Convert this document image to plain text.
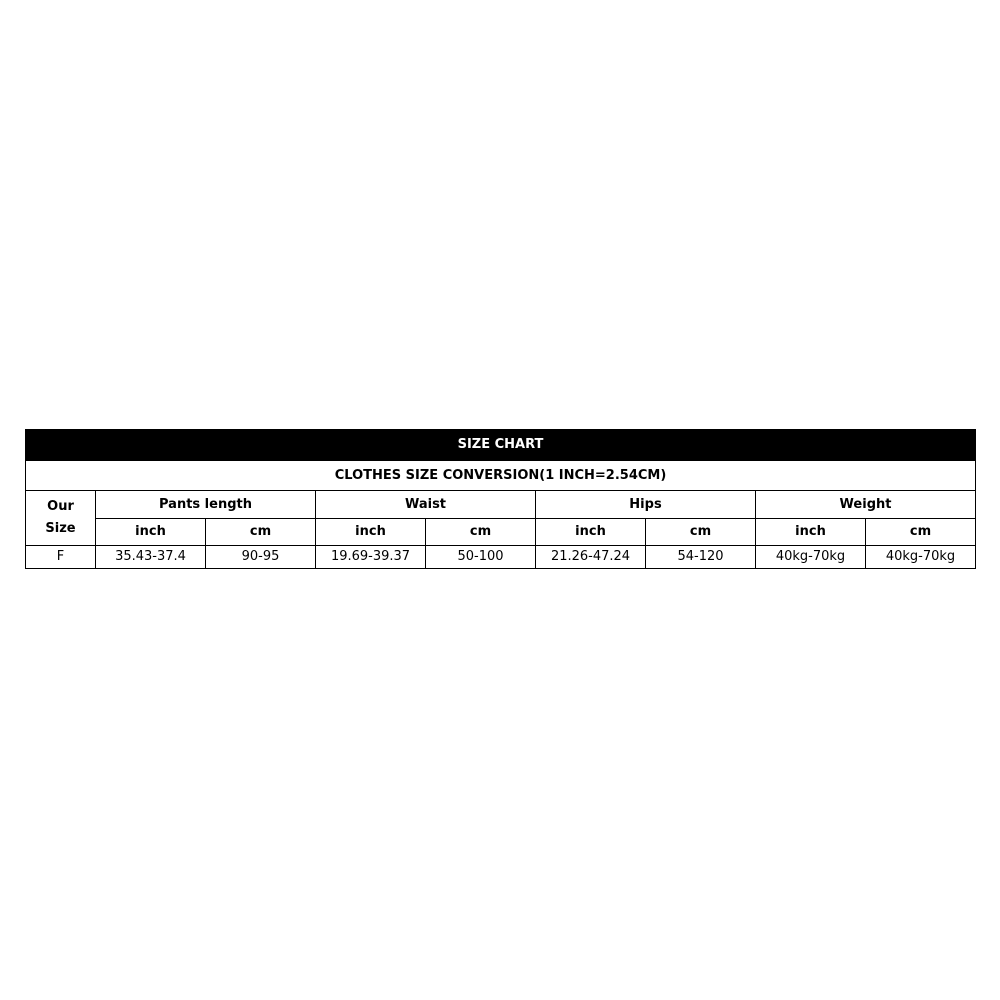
SIZE CHART								
CLOTHES SIZE CONVERSION(1 INCH=2.54CM)								

Our
Size	Pants length		Waist		Hips		Weight	
	inch	cm	inch	cm	inch	cm	inch	cm
F	35.43-37.4	90-95	19.69-39.37	50-100	21.26-47.24	54-120	40kg-70kg	40kg-70kg
